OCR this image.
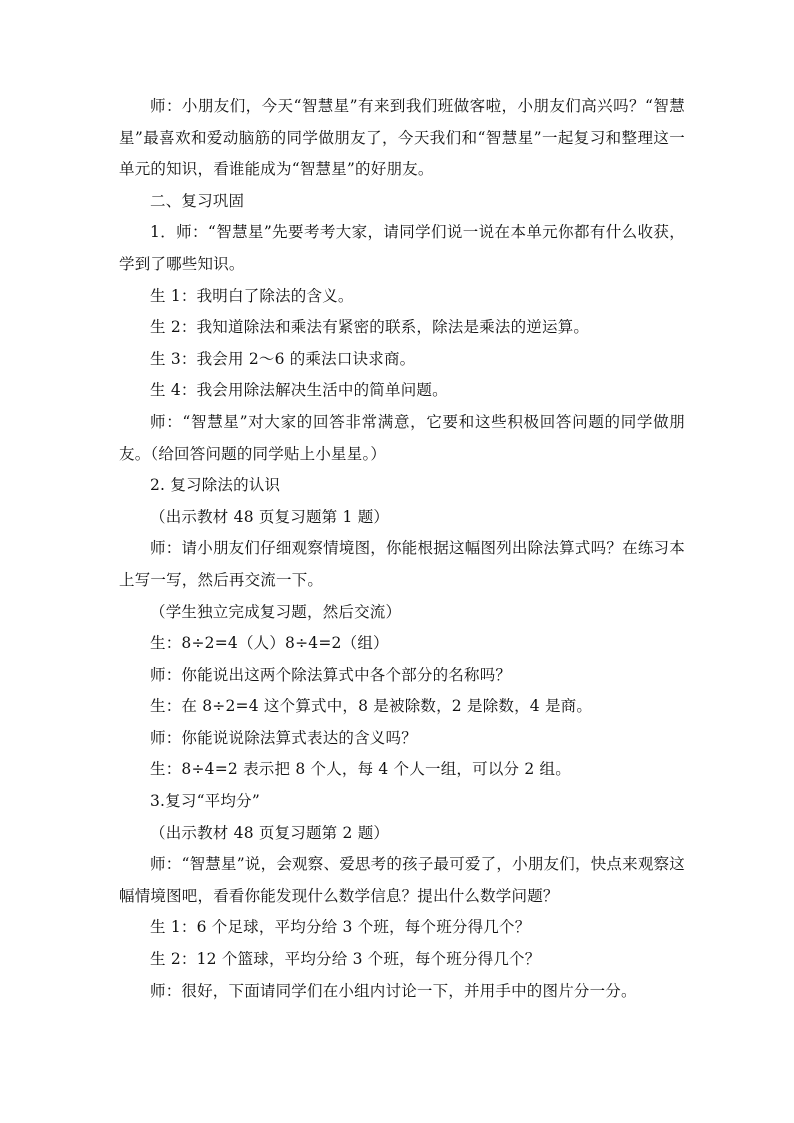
师：小朋友们，今天“智慧星”有来到我们班做客啦，小朋友们高兴吗？“智慧星”最喜欢和爱动脑筋的同学做朋友了，今天我们和“智慧星”一起复习和整理这一单元的知识，看谁能成为“智慧星”的好朋友。

二、复习巩固

1．师：“智慧星”先要考考大家，请同学们说一说在本单元你都有什么收获，学到了哪些知识。

生 1：我明白了除法的含义。

生 2：我知道除法和乘法有紧密的联系，除法是乘法的逆运算。

生 3：我会用 2～6 的乘法口诀求商。

生 4：我会用除法解决生活中的简单问题。

师：“智慧星”对大家的回答非常满意，它要和这些积极回答问题的同学做朋友。（给回答问题的同学贴上小星星。）

2. 复习除法的认识

（出示教材 48 页复习题第 1 题）

师：请小朋友们仔细观察情境图，你能根据这幅图列出除法算式吗？在练习本上写一写，然后再交流一下。

（学生独立完成复习题，然后交流）

生：8÷2=4（人）8÷4=2（组）

师：你能说出这两个除法算式中各个部分的名称吗？

生：在 8÷2=4 这个算式中，8 是被除数，2 是除数，4 是商。

师：你能说说除法算式表达的含义吗？

生：8÷4=2 表示把 8 个人，每 4 个人一组，可以分 2 组。

3.复习“平均分”

（出示教材 48 页复习题第 2 题）

师：“智慧星”说，会观察、爱思考的孩子最可爱了，小朋友们，快点来观察这幅情境图吧，看看你能发现什么数学信息？提出什么数学问题？

生 1：6 个足球，平均分给 3 个班，每个班分得几个？

生 2：12 个篮球，平均分给 3 个班，每个班分得几个？

师：很好，下面请同学们在小组内讨论一下，并用手中的图片分一分。
